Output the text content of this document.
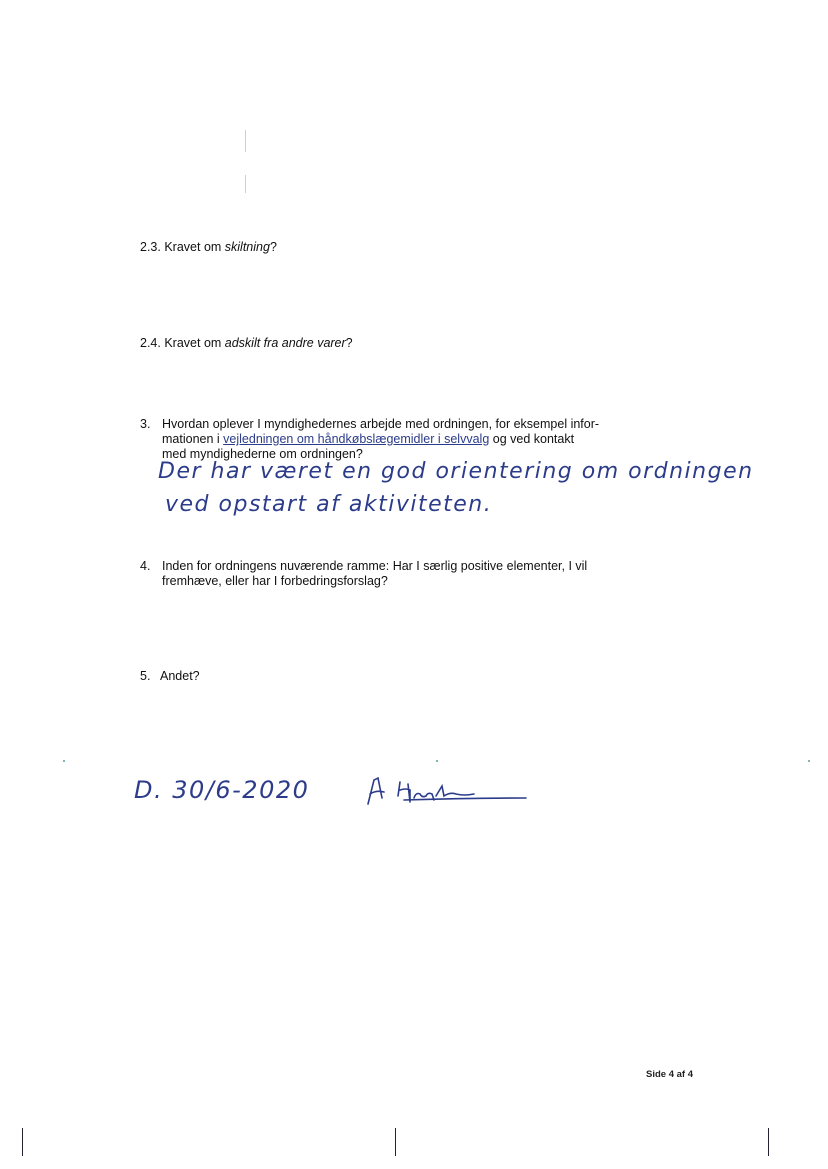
2.3. Kravet om skiltning?

2.4. Kravet om adskilt fra andre varer?

3. Hvordan oplever I myndighedernes arbejde med ordningen, for eksempel infor-
mationen i vejledningen om håndkøbslægemidler i selvvalg og ved kontakt
med myndighederne om ordningen?

Der har været en god orientering om ordningen

ved opstart af aktiviteten.

4. Inden for ordningens nuværende ramme: Har I særlig positive elementer, I vil
fremhæve, eller har I forbedringsforslag?
5. Andet?

D. 30/6-2020

Side 4 af 4
